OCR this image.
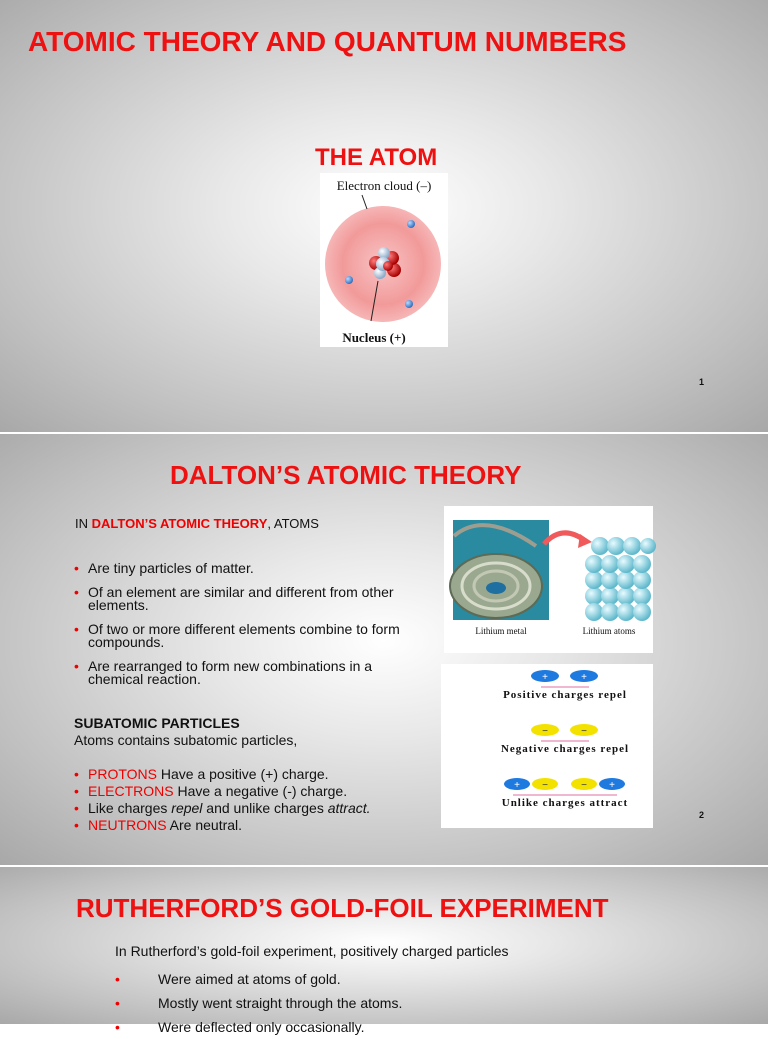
ATOMIC THEORY AND QUANTUM NUMBERS
THE ATOM
Electron cloud (–)
Nucleus (+)
1
DALTON’S ATOMIC THEORY
IN DALTON’S ATOMIC THEORY, ATOMS
• Are tiny particles of matter.
• Of an element are similar and different from other elements.
• Of two or more different elements combine to form compounds.
• Are rearranged to form new combinations in a chemical reaction.
SUBATOMIC PARTICLES
Atoms contains subatomic particles,
• PROTONS Have a positive (+) charge.
• ELECTRONS Have a negative (-) charge.
• Like charges repel and unlike charges attract.
• NEUTRONS Are neutral.
Lithium metal	Lithium atoms
+	+
Positive charges repel
−	−
Negative charges repel
+ −	− +
Unlike charges attract
2
RUTHERFORD’S GOLD-FOIL EXPERIMENT
In Rutherford’s gold-foil experiment, positively charged particles
• Were aimed at atoms of gold.
• Mostly went straight through the atoms.
• Were deflected only occasionally.
